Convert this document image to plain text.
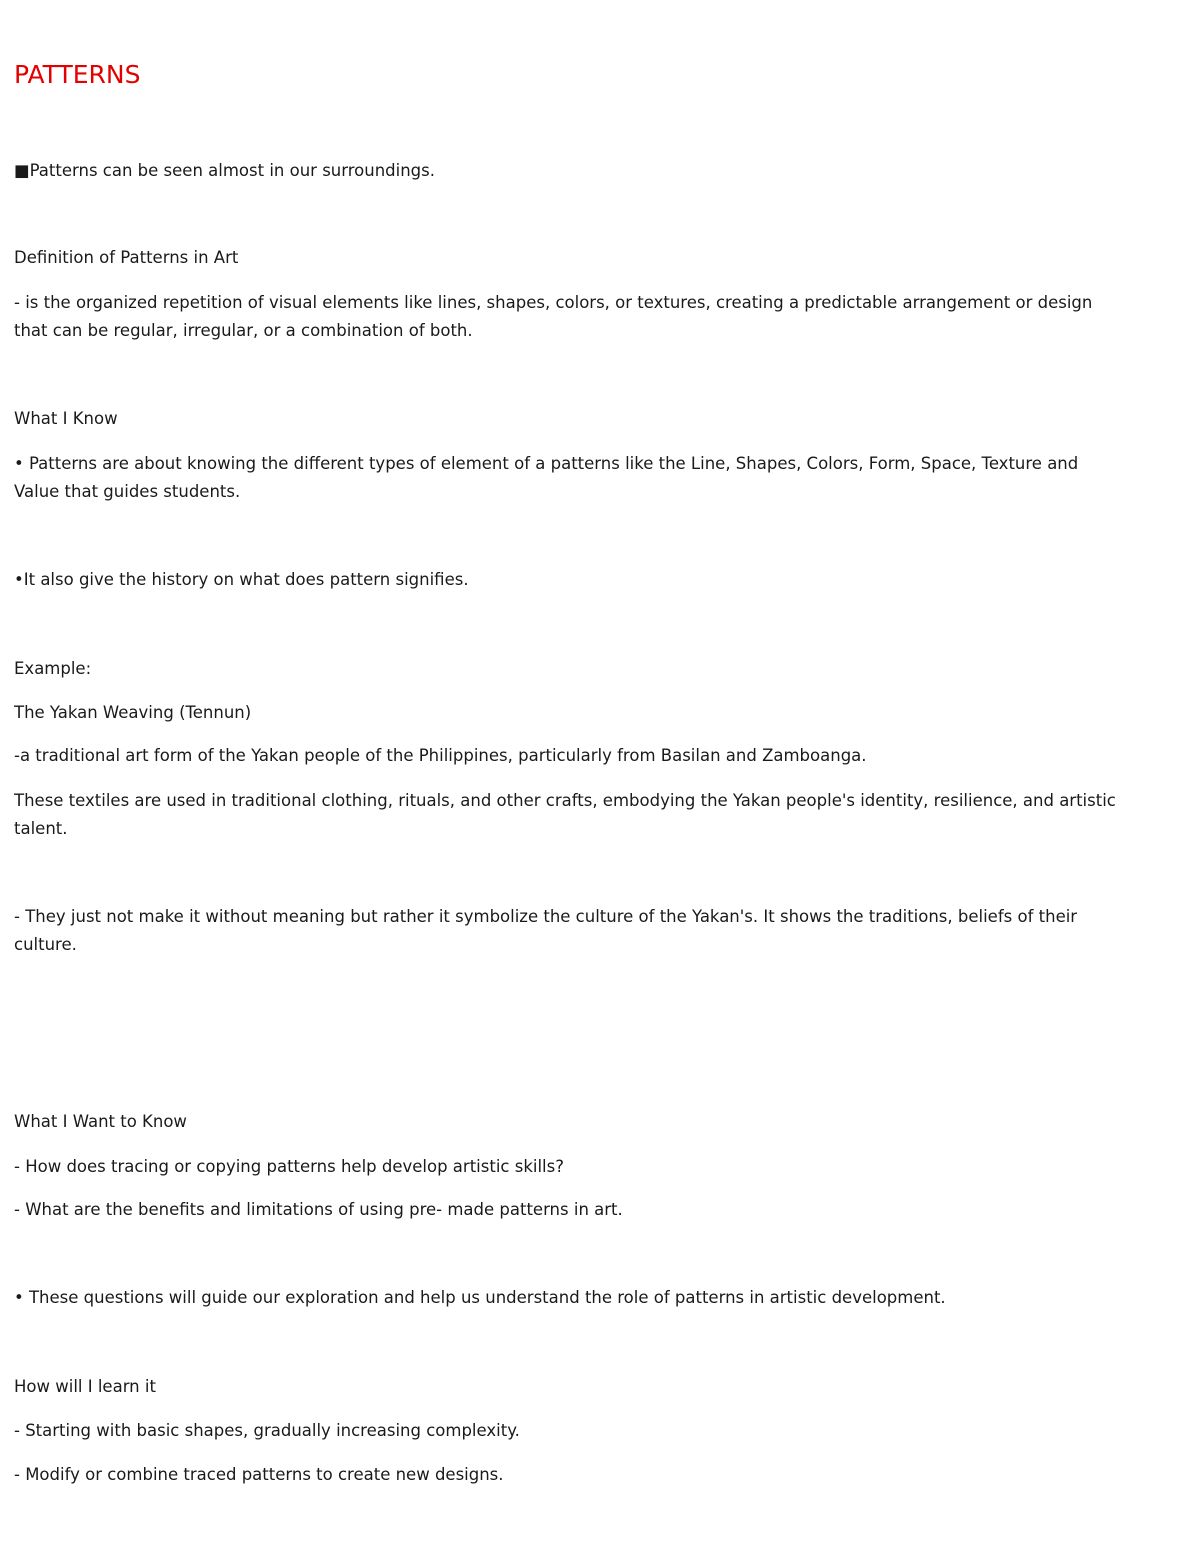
PATTERNS

■Patterns can be seen almost in our surroundings.

Definition of Patterns in Art

- is the organized repetition of visual elements like lines, shapes, colors, or textures, creating a predictable arrangement or design

that can be regular, irregular, or a combination of both.

What I Know

• Patterns are about knowing the different types of element of a patterns like the Line, Shapes, Colors, Form, Space, Texture and

Value that guides students.

•It also give the history on what does pattern signifies.

Example:

The Yakan Weaving (Tennun)

-a traditional art form of the Yakan people of the Philippines, particularly from Basilan and Zamboanga.

These textiles are used in traditional clothing, rituals, and other crafts, embodying the Yakan people's identity, resilience, and artistic

talent.

- They just not make it without meaning but rather it symbolize the culture of the Yakan's. It shows the traditions, beliefs of their

culture.

What I Want to Know

- How does tracing or copying patterns help develop artistic skills?

- What are the benefits and limitations of using pre- made patterns in art.

• These questions will guide our exploration and help us understand the role of patterns in artistic development.

How will I learn it

- Starting with basic shapes, gradually increasing complexity.

- Modify or combine traced patterns to create new designs.
